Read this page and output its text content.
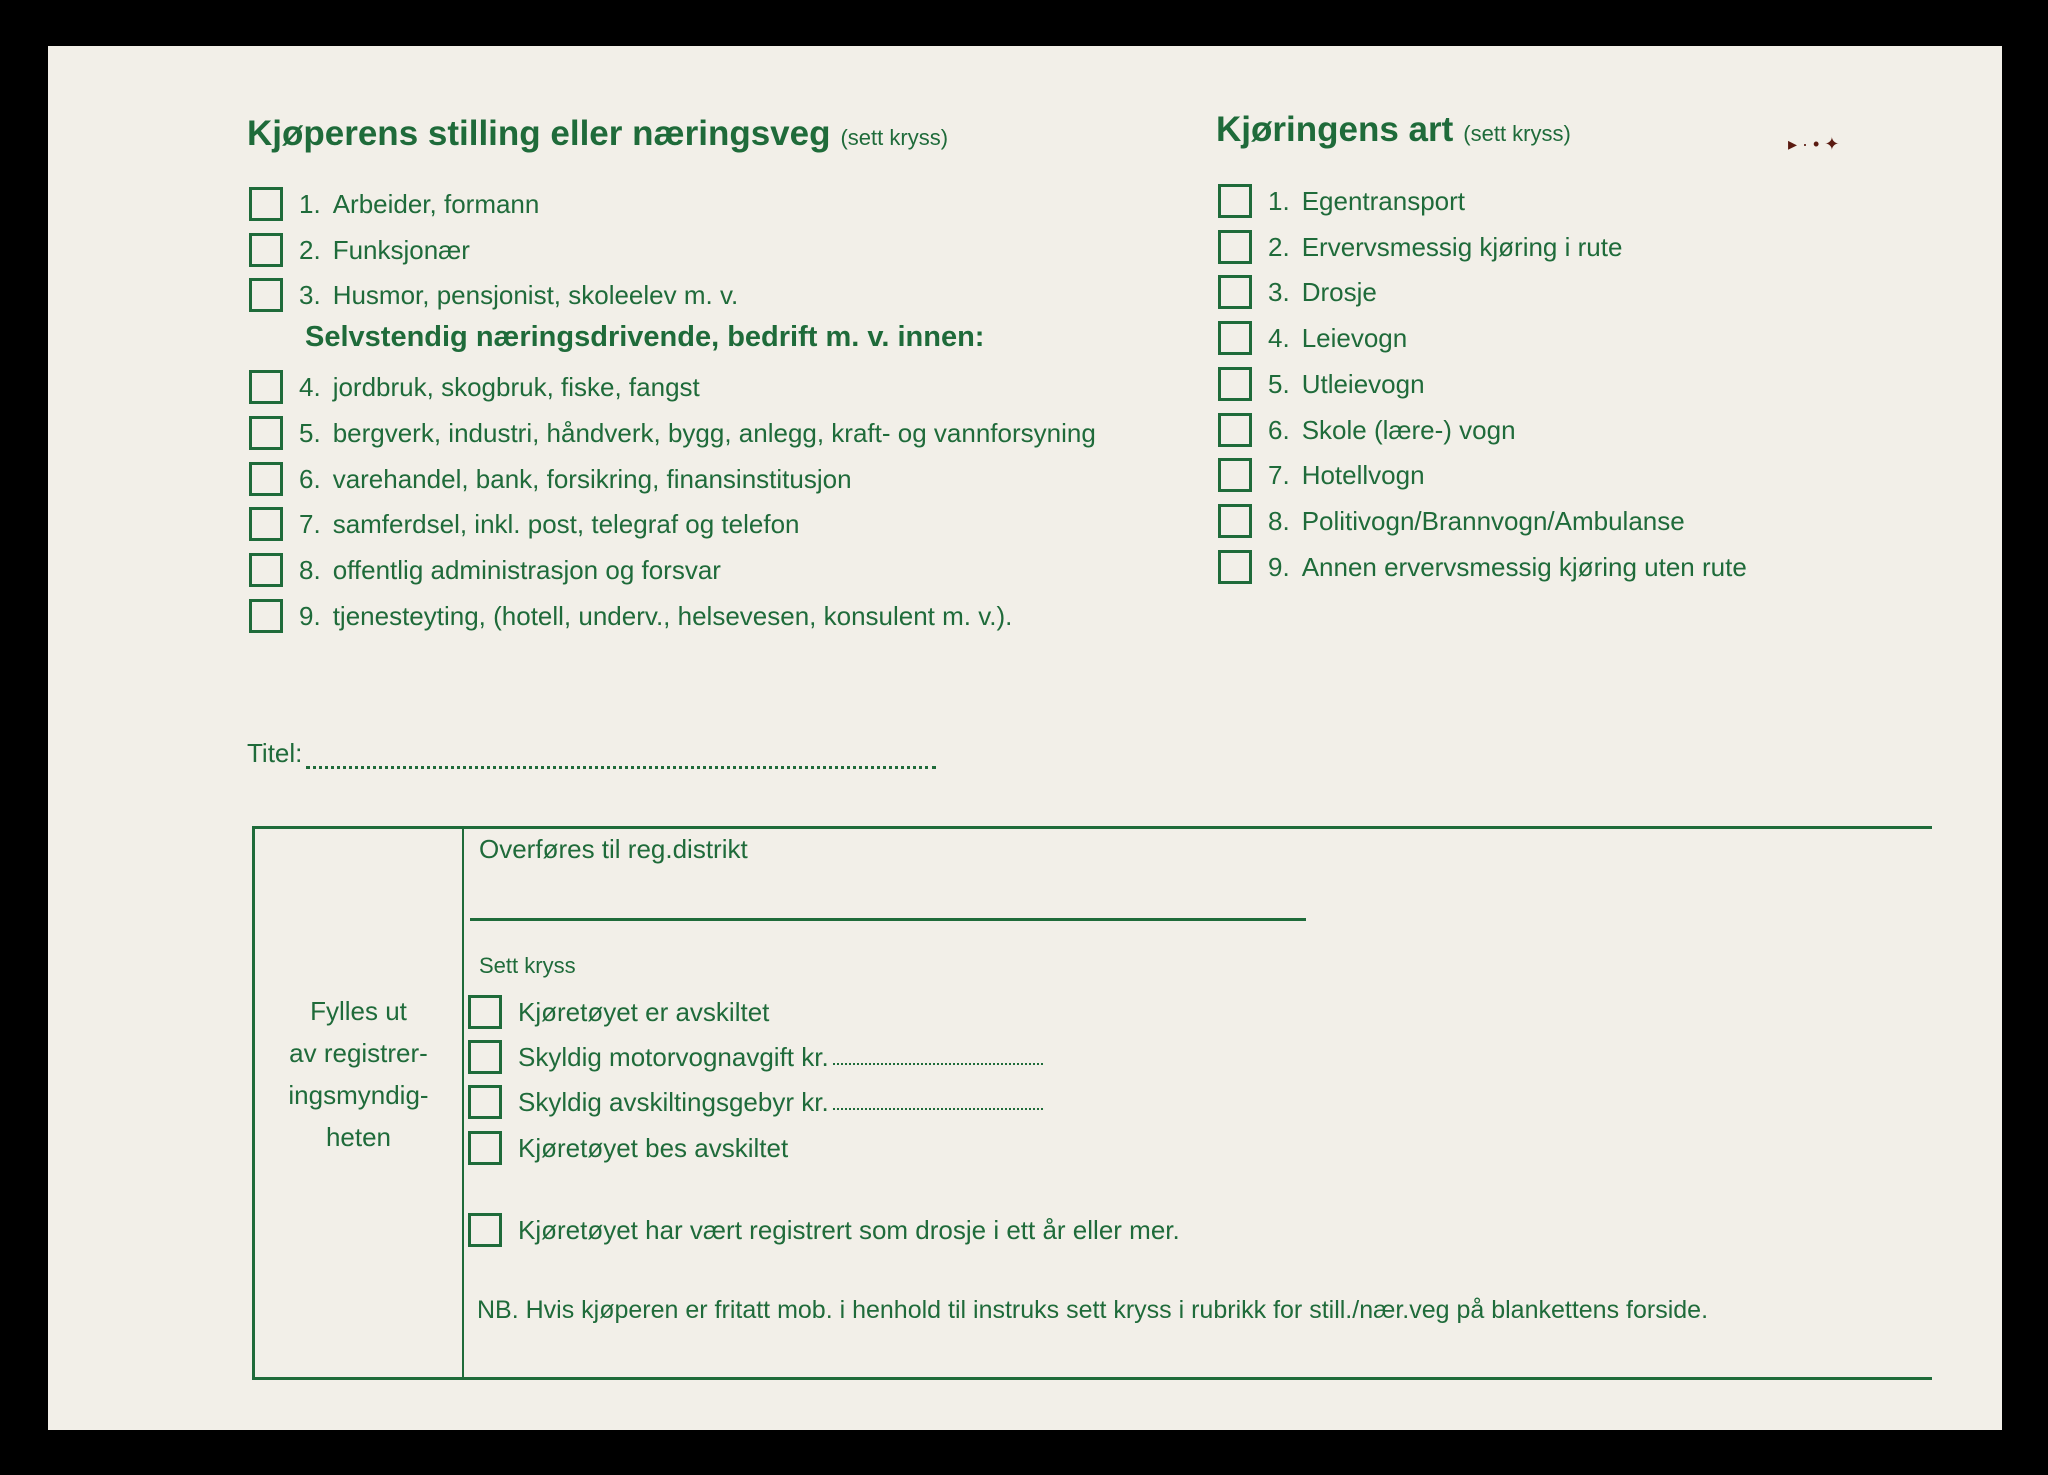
Kjøperens stilling eller næringsveg (sett kryss)
1. Arbeider, formann
2. Funksjonær
3. Husmor, pensjonist, skoleelev m. v.
Selvstendig næringsdrivende, bedrift m. v. innen:
4. jordbruk, skogbruk, fiske, fangst
5. bergverk, industri, håndverk, bygg, anlegg, kraft- og vannforsyning
6. varehandel, bank, forsikring, finansinstitusjon
7. samferdsel, inkl. post, telegraf og telefon
8. offentlig administrasjon og forsvar
9. tjenesteyting, (hotell, underv., helsevesen, konsulent m. v.).
Kjøringens art (sett kryss)	▸ · • ✦
1. Egentransport
2. Ervervsmessig kjøring i rute
3. Drosje
4. Leievogn
5. Utleievogn
6. Skole (lære-) vogn
7. Hotellvogn
8. Politivogn/Brannvogn/Ambulanse
9. Annen ervervsmessig kjøring uten rute
Titel:
Fylles ut
av registrer-
ingsmyndig-
heten
Overføres til reg.distrikt
Sett kryss
Kjøretøyet er avskiltet
Skyldig motorvognavgift kr.
Skyldig avskiltingsgebyr kr.
Kjøretøyet bes avskiltet
Kjøretøyet har vært registrert som drosje i ett år eller mer.
NB. Hvis kjøperen er fritatt mob. i henhold til instruks sett kryss i rubrikk for still./nær.veg på blankettens forside.
